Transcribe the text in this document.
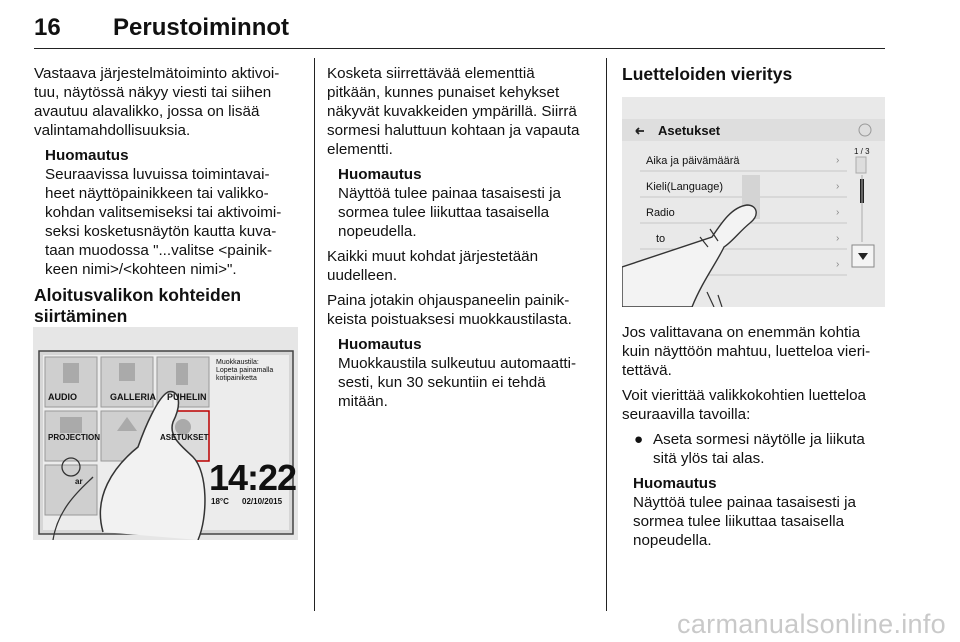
16 Perustoiminnot

Vastaava järjestelmätoiminto aktivoi-
tuu, näytössä näkyy viesti tai siihen
avautuu alavalikko, jossa on lisää
valintamahdollisuuksia.

Huomautus
Seuraavissa luvuissa toimintavai-
heet näyttöpainikkeen tai valikko-
kohdan valitsemiseksi tai aktivoimi-
seksi kosketusnäytön kautta kuva-
taan muodossa "...valitse <painik-
keen nimi>/<kohteen nimi>".
Aloitusvalikon kohteiden
siirtäminen
AUDIO	GALLERIA PUHELIN
PROJECTION	ASETUKSET
ar
Muokkaustila:
Lopeta painamalla
kotipainiketta
14:22
18°C 02/10/2015

Kosketa siirrettävää elementtiä
pitkään, kunnes punaiset kehykset
näkyvät kuvakkeiden ympärillä. Siirrä
sormesi haluttuun kohtaan ja vapauta
elementti.

Huomautus
Näyttöä tulee painaa tasaisesti ja
sormea tulee liikuttaa tasaisella
nopeudella.

Kaikki muut kohdat järjestetään
uudelleen.

Paina jotakin ohjauspaneelin painik-
keista poistuaksesi muokkaustilasta.

Huomautus
Muokkaustila sulkeutuu automaatti-
sesti, kun 30 sekuntiin ei tehdä
mitään.
Luetteloiden vieritys
›
›
›
›
›
Asetukset
1 / 3
Aika ja päivämäärä
Kieli(Language)
Radio
to

Jos valittavana on enemmän kohtia
kuin näyttöön mahtuu, luetteloa vieri-
tettävä.

Voit vierittää valikkokohtien luetteloa
seuraavilla tavoilla:

● Aseta sormesi näytölle ja liikuta
sitä ylös tai alas.
Huomautus
Näyttöä tulee painaa tasaisesti ja
sormea tulee liikuttaa tasaisella
nopeudella.
carmanualsonline.info
